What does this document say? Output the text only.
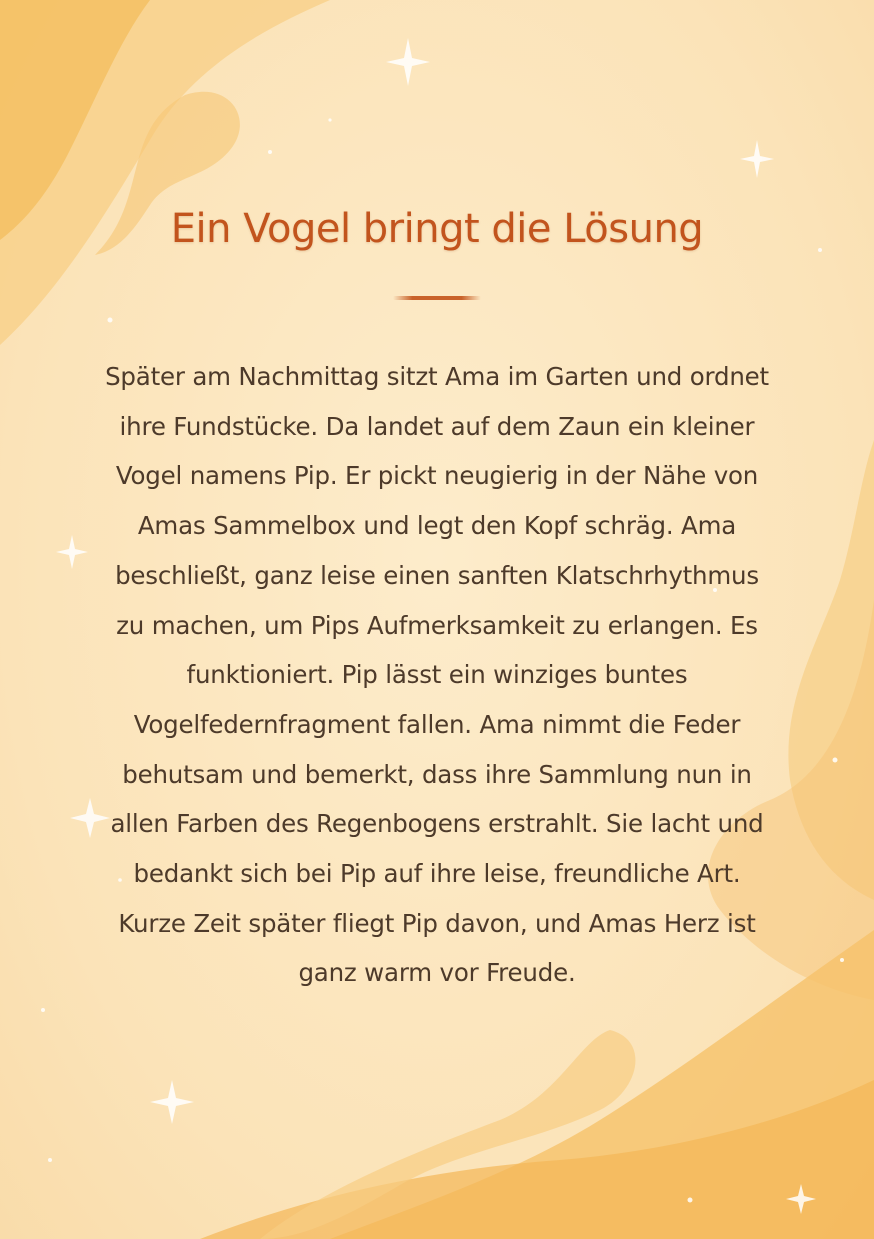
Ein Vogel bringt die Lösung

Später am Nachmittag sitzt Ama im Garten und ordnet ihre Fundstücke. Da landet auf dem Zaun ein kleiner Vogel namens Pip. Er pickt neugierig in der Nähe von Amas Sammelbox und legt den Kopf schräg. Ama beschließt, ganz leise einen sanften Klatschrhythmus zu machen, um Pips Aufmerksamkeit zu erlangen. Es funktioniert. Pip lässt ein winziges buntes Vogelfedernfragment fallen. Ama nimmt die Feder behutsam und bemerkt, dass ihre Sammlung nun in allen Farben des Regenbogens erstrahlt. Sie lacht und bedankt sich bei Pip auf ihre leise, freundliche Art. Kurze Zeit später fliegt Pip davon, und Amas Herz ist ganz warm vor Freude.
